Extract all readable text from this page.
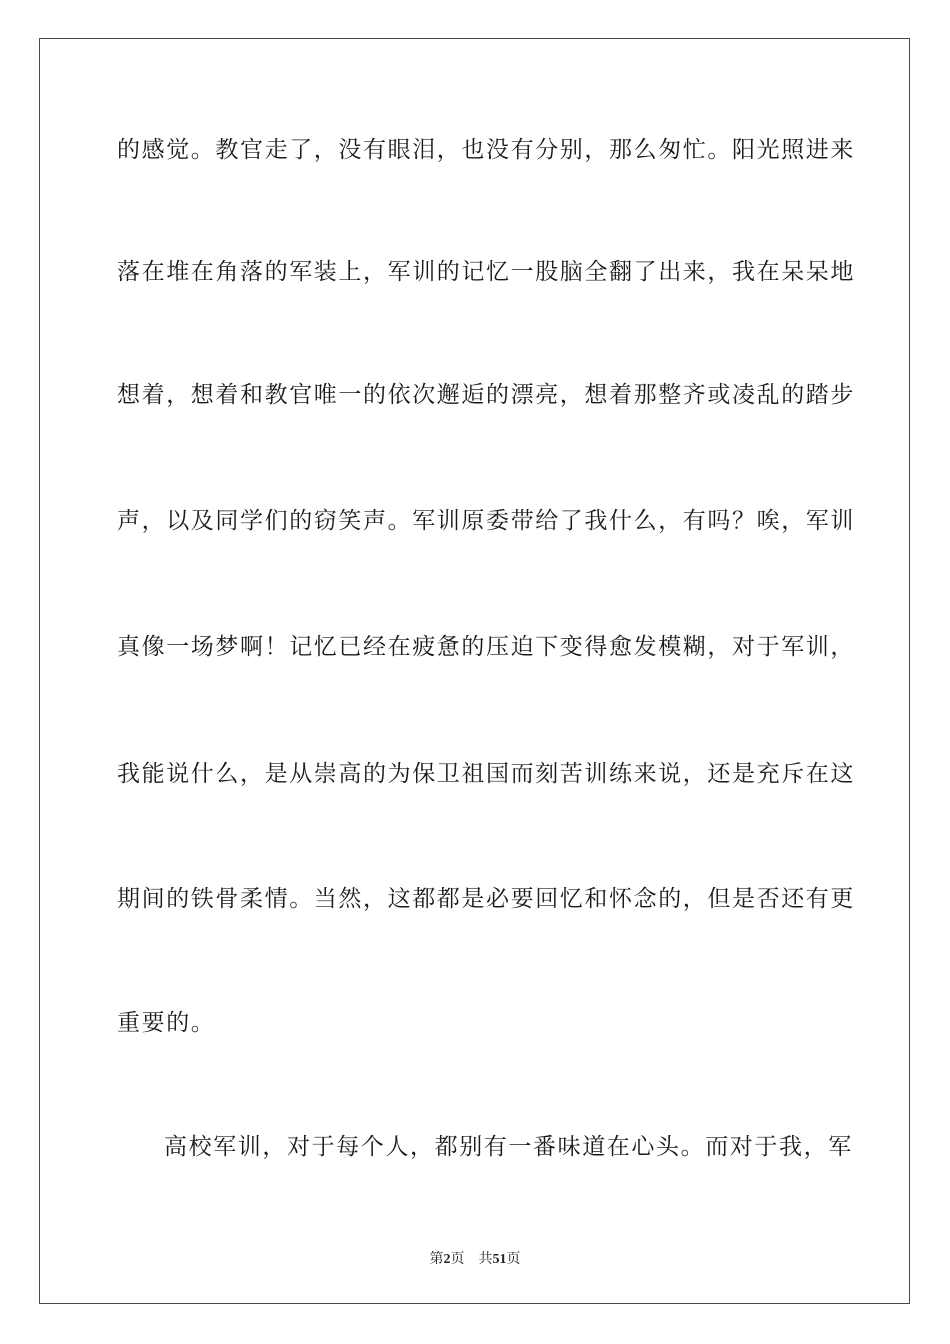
的感觉。教官走了，没有眼泪，也没有分别，那么匆忙。阳光照进来
落在堆在角落的军装上，军训的记忆一股脑全翻了出来，我在呆呆地
想着，想着和教官唯一的依次邂逅的漂亮，想着那整齐或凌乱的踏步
声，以及同学们的窃笑声。军训原委带给了我什么，有吗？唉，军训
真像一场梦啊！记忆已经在疲惫的压迫下变得愈发模糊，对于军训，
我能说什么，是从崇高的为保卫祖国而刻苦训练来说，还是充斥在这
期间的铁骨柔情。当然，这都都是必要回忆和怀念的，但是否还有更
重要的。
高校军训，对于每个人，都别有一番味道在心头。而对于我，军
第2页 共51页
